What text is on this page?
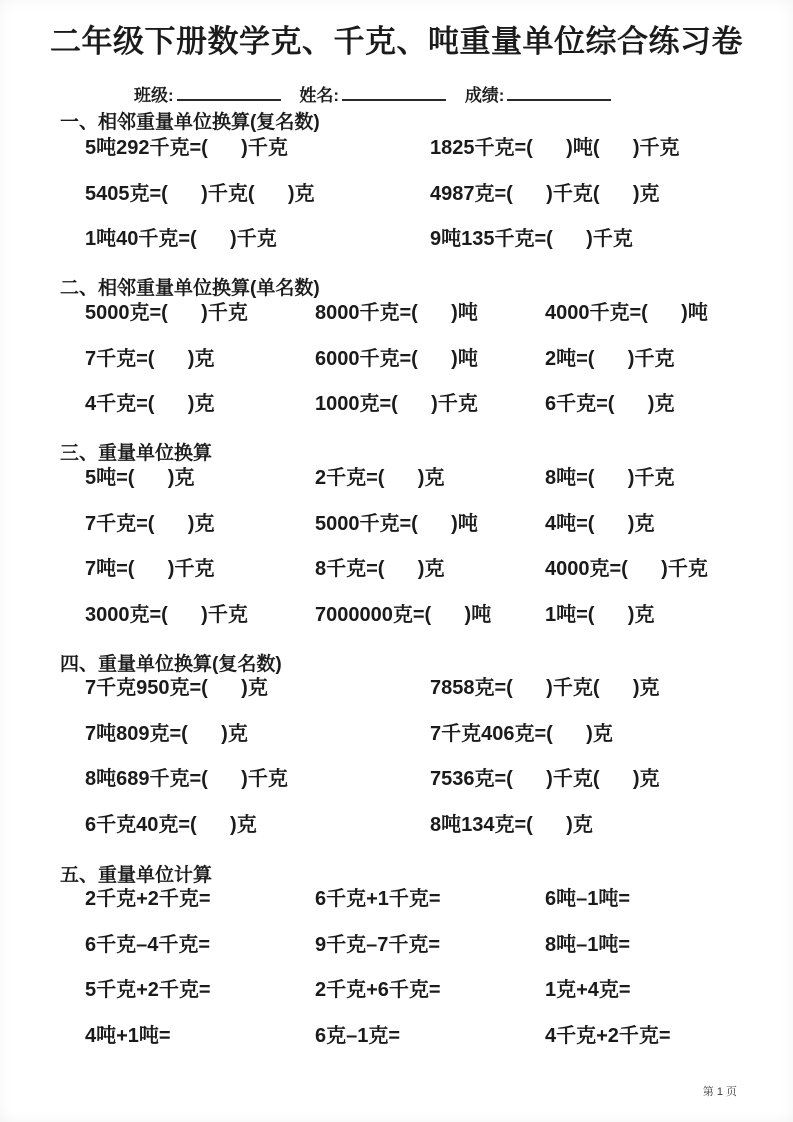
二年级下册数学克、千克、吨重量单位综合练习卷
班级:	姓名:	成绩:
一、相邻重量单位换算(复名数)
5吨292千克=(      )千克	1825千克=(      )吨(      )千克
5405克=(      )千克(      )克	4987克=(      )千克(      )克
1吨40千克=(      )千克	9吨135千克=(      )千克
二、相邻重量单位换算(单名数)
5000克=(      )千克	8000千克=(      )吨	4000千克=(      )吨
7千克=(      )克	6000千克=(      )吨	2吨=(      )千克
4千克=(      )克	1000克=(      )千克	6千克=(      )克
三、重量单位换算
5吨=(      )克	2千克=(      )克	8吨=(      )千克
7千克=(      )克	5000千克=(      )吨	4吨=(      )克
7吨=(      )千克	8千克=(      )克	4000克=(      )千克
3000克=(      )千克	7000000克=(      )吨	1吨=(      )克
四、重量单位换算(复名数)
7千克950克=(      )克	7858克=(      )千克(      )克
7吨809克=(      )克	7千克406克=(      )克
8吨689千克=(      )千克	7536克=(      )千克(      )克
6千克40克=(      )克	8吨134克=(      )克
五、重量单位计算
2千克+2千克=	6千克+1千克=	6吨–1吨=
6千克–4千克=	9千克–7千克=	8吨–1吨=
5千克+2千克=	2千克+6千克=	1克+4克=
4吨+1吨=	6克–1克=	4千克+2千克=
第 1 页
